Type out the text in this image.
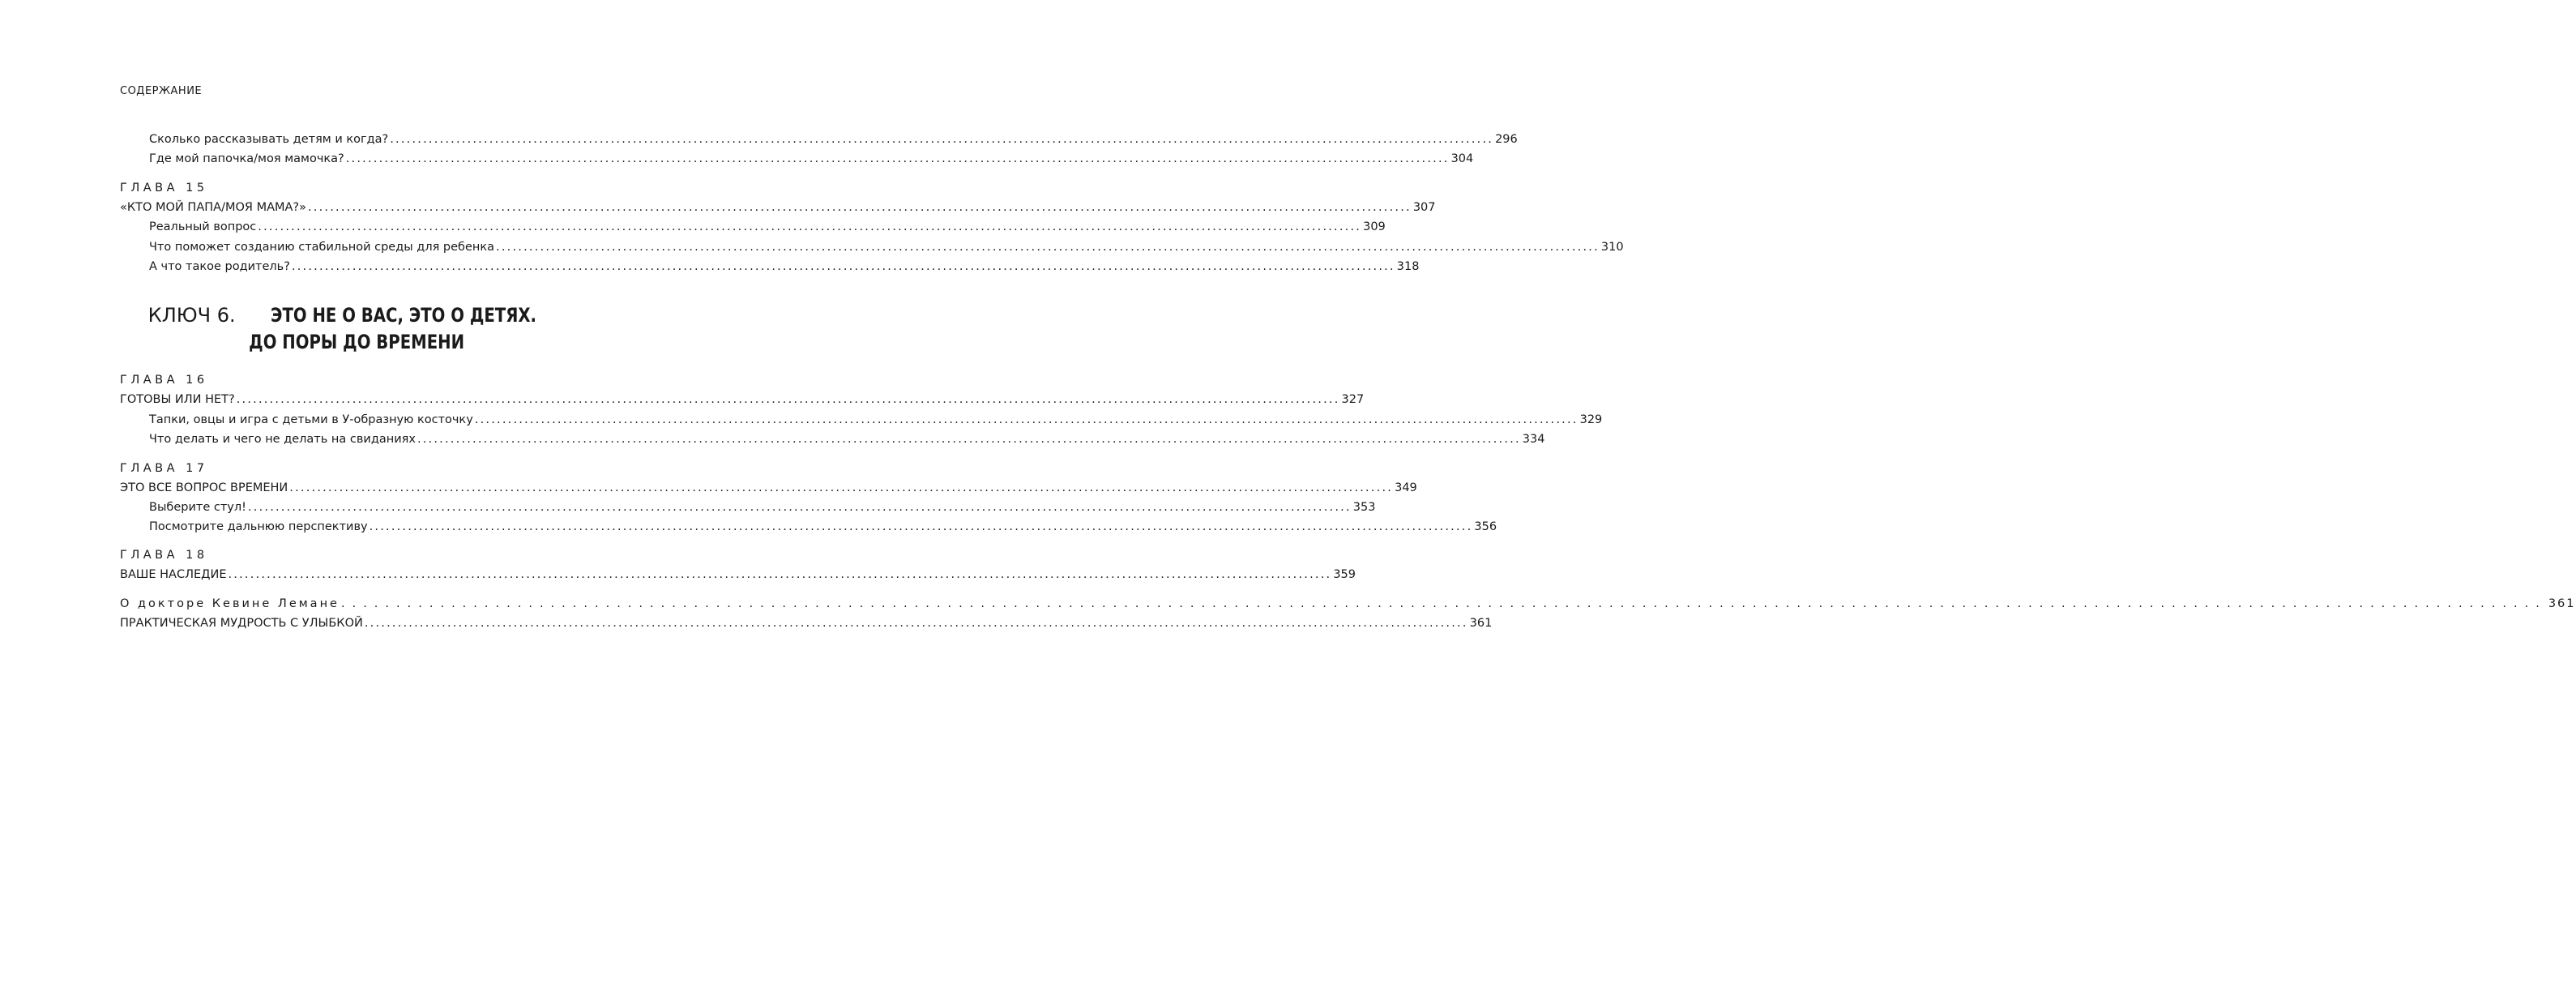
СОДЕРЖАНИЕ
Сколько рассказывать детям и когда? ........................................................................................................................................................................................................ 296
Где мой папочка/моя мамочка? ........................................................................................................................................................................................................ 304
ГЛАВА 15
«КТО МОЙ ПАПА/МОЯ МАМА?» ........................................................................................................................................................................................................ 307
Реальный вопрос ........................................................................................................................................................................................................ 309
Что поможет созданию стабильной среды для ребенка ........................................................................................................................................................................................................ 310
А что такое родитель? ........................................................................................................................................................................................................ 318
КЛЮЧ 6. ЭТО НЕ О ВАС, ЭТО О ДЕТЯХ.
ДО ПОРЫ ДО ВРЕМЕНИ
ГЛАВА 16
ГОТОВЫ ИЛИ НЕТ? ........................................................................................................................................................................................................ 327
Тапки, овцы и игра с детьми в У-образную косточку ........................................................................................................................................................................................................ 329
Что делать и чего не делать на свиданиях ........................................................................................................................................................................................................ 334
ГЛАВА 17
ЭТО ВСЕ ВОПРОС ВРЕМЕНИ ........................................................................................................................................................................................................ 349
Выберите стул! ........................................................................................................................................................................................................ 353
Посмотрите дальнюю перспективу ........................................................................................................................................................................................................ 356
ГЛАВА 18
ВАШЕ НАСЛЕДИЕ ........................................................................................................................................................................................................ 359
О докторе Кевине Лемане ........................................................................................................................................................................................................ 361
ПРАКТИЧЕСКАЯ МУДРОСТЬ С УЛЫБКОЙ ........................................................................................................................................................................................................ 361
